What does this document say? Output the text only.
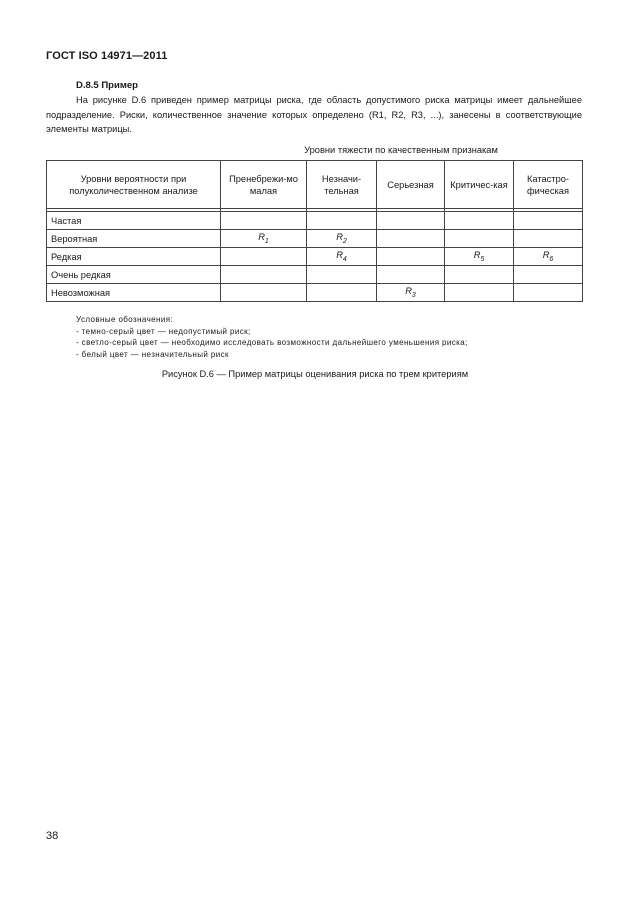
ГОСТ ISO 14971—2011
D.8.5 Пример
На рисунке D.6 приведен пример матрицы риска, где область допустимого риска матрицы имеет дальнейшее подразделение. Риски, количественное значение которых определено (R1, R2, R3, ...), занесены в соответствующие элементы матрицы.
Уровни тяжести по качественным признакам
Уровни вероятности при полуколичественном анализе	Пренебрежи-мо малая	Незначи-тельная	Серьезная	Критичес-кая	Катастро-фическая

Частая					
Вероятная	$R_1$	$R_2$			
Редкая		$R_4$		$R_5$	$R_6$
Очень редкая					
Невозможная			$R_3$		
Условные обозначения:
- темно-серый цвет — недопустимый риск;
- светло-серый цвет — необходимо исследовать возможности дальнейшего уменьшения риска;
- белый цвет — незначительный риск
Рисунок D.6 — Пример матрицы оценивания риска по трем критериям
38
